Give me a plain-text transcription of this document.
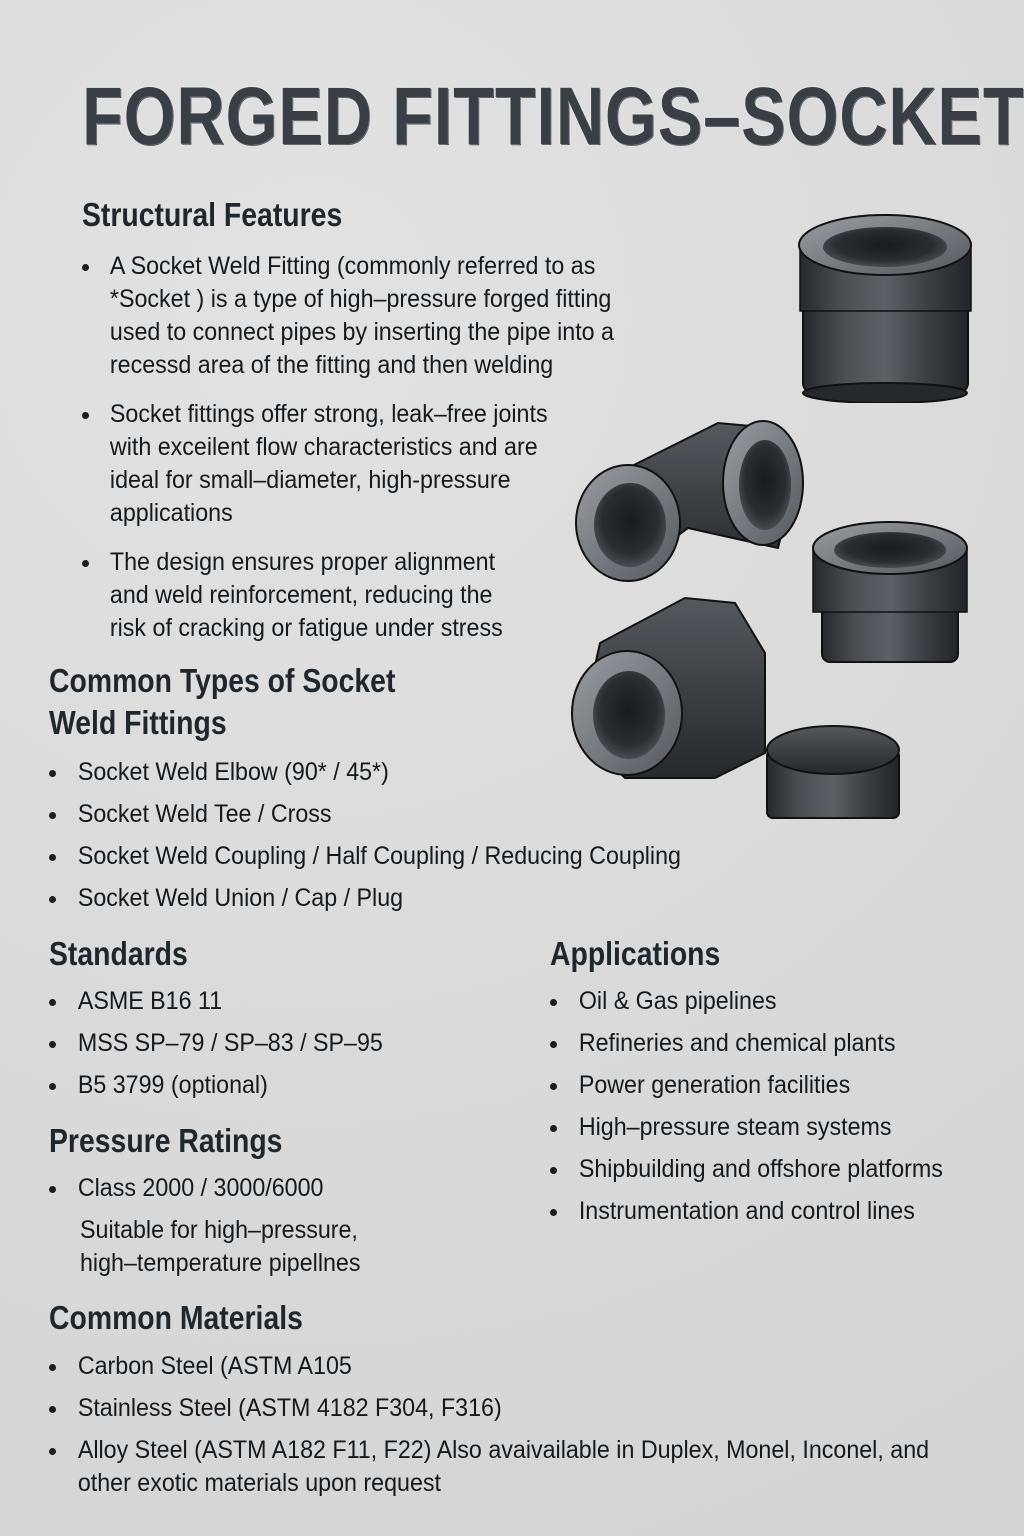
FORGED FITTINGS–SOCKET
Structural Features
A Socket Weld Fitting (commonly referred to as *Socket ) is a type of high–pressure forged fitting used to connect pipes by inserting the pipe into a recessd area of the fitting and then welding
Socket fittings offer strong, leak–free joints with exceilent flow characteristics and are ideal for small–diameter, high-pressure applications
The design ensures proper alignment and weld reinforcement, reducing the risk of cracking or fatigue under stress
Common Types of Socket
Weld Fittings
Socket Weld Elbow (90* / 45*)
Socket Weld Tee / Cross
Socket Weld Coupling / Half Coupling / Reducing Coupling
Socket Weld Union / Cap / Plug
Standards
ASME B16 11
MSS SP–79 / SP–83 / SP–95
B5 3799 (optional)
Pressure Ratings
Class 2000 / 3000/6000
Suitable for high–pressure,
high–temperature pipellnes
Applications
Oil & Gas pipelines
Refineries and chemical plants
Power generation facilities
High–pressure steam systems
Shipbuilding and offshore platforms
Instrumentation and control lines
Common Materials
Carbon Steel (ASTM A105
Stainless Steel (ASTM 4182 F304, F316)
Alloy Steel (ASTM A182 F11, F22) Also avaivailable in Duplex, Monel, Inconel, and other exotic materials upon request
